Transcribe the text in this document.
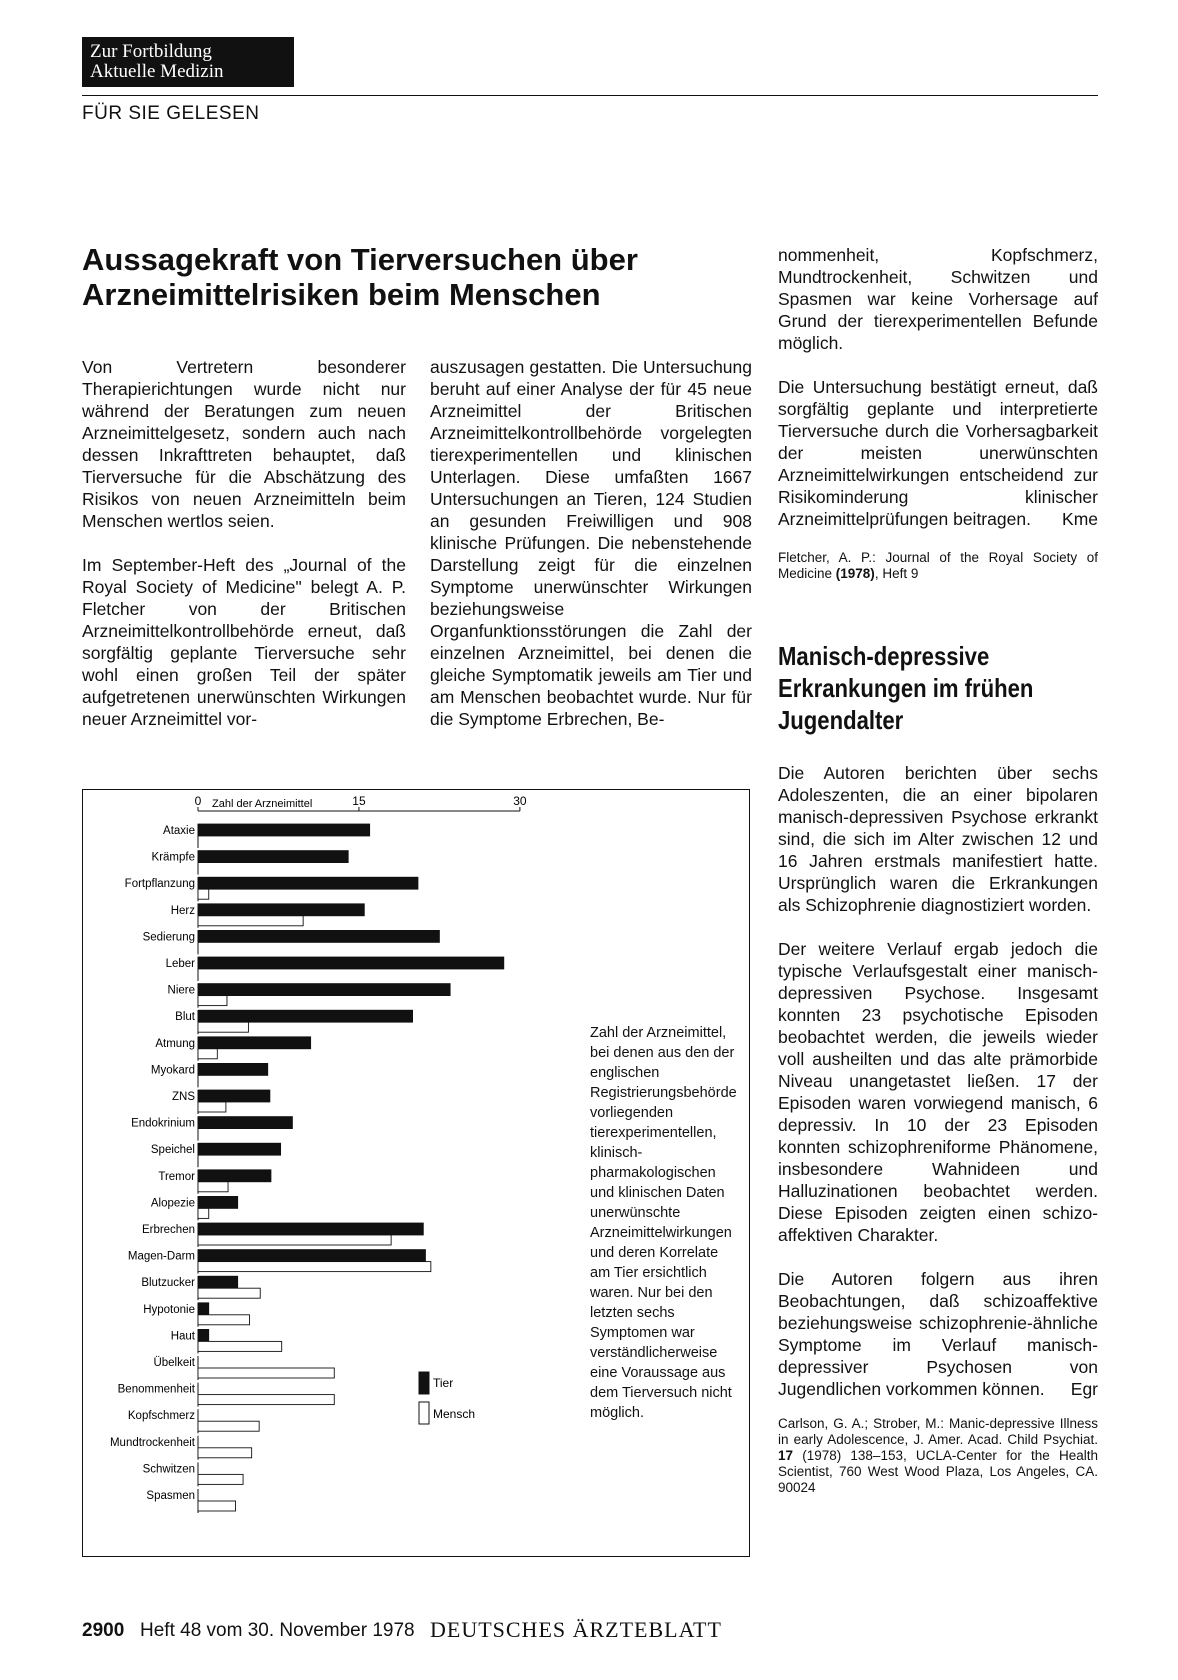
Zur Fortbildung
Aktuelle Medizin
FÜR SIE GELESEN
Aussagekraft von Tierversuchen über
Arzneimittelrisiken beim Menschen

Von Vertretern besonderer Therapierichtungen wurde nicht nur während der Beratungen zum neuen Arzneimittelgesetz, sondern auch nach dessen Inkrafttreten behauptet, daß Tierversuche für die Abschätzung des Risikos von neuen Arzneimitteln beim Menschen wertlos seien.

Im September-Heft des „Journal of the Royal Society of Medicine" belegt A. P. Fletcher von der Britischen Arzneimittelkontrollbehörde erneut, daß sorgfältig geplante Tierversuche sehr wohl einen großen Teil der später aufgetretenen unerwünschten Wirkungen neuer Arzneimittel vor-

auszusagen gestatten. Die Untersuchung beruht auf einer Analyse der für 45 neue Arzneimittel der Britischen Arzneimittelkontrollbehörde vorgelegten tierexperimentellen und klinischen Unterlagen. Diese umfaßten 1667 Untersuchungen an Tieren, 124 Studien an gesunden Freiwilligen und 908 klinische Prüfungen. Die nebenstehende Darstellung zeigt für die einzelnen Symptome unerwünschter Wirkungen beziehungsweise Organfunktionsstörungen die Zahl der einzelnen Arzneimittel, bei denen die gleiche Symptomatik jeweils am Tier und am Menschen beobachtet wurde. Nur für die Symptome Erbrechen, Be-

nommenheit, Kopfschmerz, Mundtrockenheit, Schwitzen und Spasmen war keine Vorhersage auf Grund der tierexperimentellen Befunde möglich.

Die Untersuchung bestätigt erneut, daß sorgfältig geplante und interpretierte Tierversuche durch die Vorhersagbarkeit der meisten unerwünschten Arzneimittelwirkungen entscheidend zur Risikominderung klinischer Arzneimittelprüfungen beitragen. Kme

Fletcher, A. P.: Journal of the Royal Society of Medicine (1978), Heft 9
Manisch-depressive
Erkrankungen im frühen
Jugendalter

Die Autoren berichten über sechs Adoleszenten, die an einer bipolaren manisch-depressiven Psychose erkrankt sind, die sich im Alter zwischen 12 und 16 Jahren erstmals manifestiert hatte. Ursprünglich waren die Erkrankungen als Schizophrenie diagnostiziert worden.

Der weitere Verlauf ergab jedoch die typische Verlaufsgestalt einer manisch-depressiven Psychose. Insgesamt konnten 23 psychotische Episoden beobachtet werden, die jeweils wieder voll ausheilten und das alte prämorbide Niveau unangetastet ließen. 17 der Episoden waren vorwiegend manisch, 6 depressiv. In 10 der 23 Episoden konnten schizophreniforme Phänomene, insbesondere Wahnideen und Halluzinationen beobachtet werden. Diese Episoden zeigten einen schizo-affektiven Charakter.

Die Autoren folgern aus ihren Beobachtungen, daß schizoaffektive beziehungsweise schizophrenie-ähnliche Symptome im Verlauf manisch-depressiver Psychosen von Jugendlichen vorkommen können. Egr

Carlson, G. A.; Strober, M.: Manic-depressive Illness in early Adolescence, J. Amer. Acad. Child Psychiat. 17 (1978) 138–153, UCLA-Center for the Health Scientist, 760 West Wood Plaza, Los Angeles, CA. 90024
0	15	30
Zahl der Arzneimittel
Ataxie
Krämpfe
Fortpflanzung
Herz
Sedierung
Leber
Niere
Blut
Atmung
Myokard
ZNS
Endokrinium
Speichel
Tremor
Alopezie
Erbrechen
Magen-Darm
Blutzucker
Hypotonie
Haut
Übelkeit
Benommenheit
Kopfschmerz
Mundtrockenheit
Schwitzen
Spasmen
Tier
Mensch
Zahl der Arzneimittel, bei denen aus den der englischen Registrierungsbehörde vorliegenden tierexperimentellen, klinisch-pharmakologischen und klinischen Daten unerwünschte Arzneimittelwirkungen und deren Korrelate am Tier ersichtlich waren. Nur bei den letzten sechs Symptomen war verständlicherweise eine Voraussage aus dem Tierversuch nicht möglich.
2900 Heft 48 vom 30. November 1978 DEUTSCHES ÄRZTEBLATT
